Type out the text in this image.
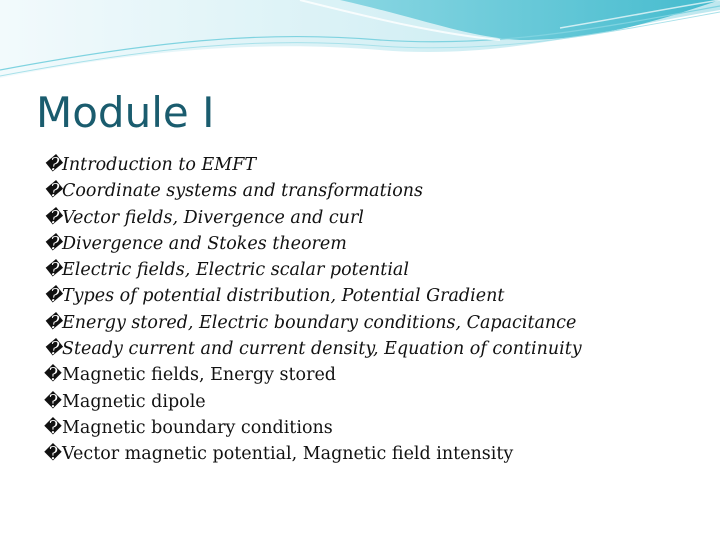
Module I
�Introduction to EMFT
�Coordinate systems and transformations
�Vector fields, Divergence and curl
�Divergence and Stokes theorem
�Electric fields, Electric scalar potential
�Types of potential distribution, Potential Gradient
�Energy stored, Electric boundary conditions, Capacitance
�Steady current and current density, Equation of continuity
�Magnetic fields, Energy stored
�Magnetic dipole
�Magnetic boundary conditions
�Vector magnetic potential, Magnetic field intensity
